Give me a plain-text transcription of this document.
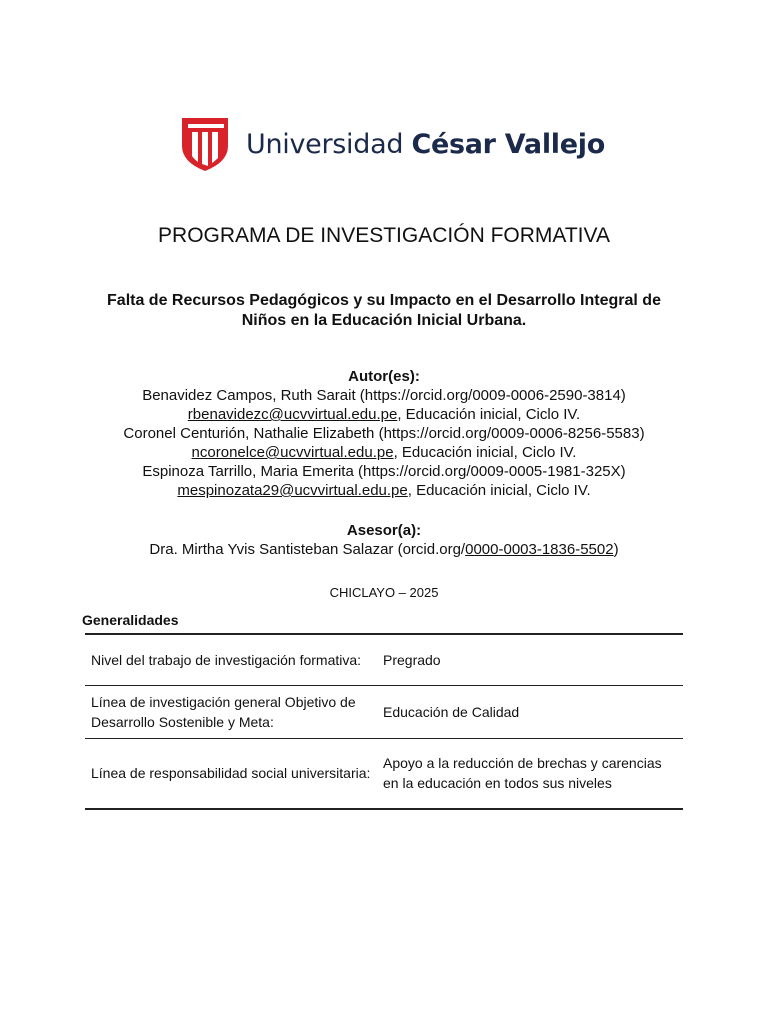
Universidad César Vallejo
PROGRAMA DE INVESTIGACIÓN FORMATIVA
Falta de Recursos Pedagógicos y su Impacto en el Desarrollo Integral de Niños en la Educación Inicial Urbana.
Autor(es):
Benavidez Campos, Ruth Sarait (https://orcid.org/0009-0006-2590-3814)
rbenavidezc@ucvvirtual.edu.pe, Educación inicial, Ciclo IV.
Coronel Centurión, Nathalie Elizabeth (https://orcid.org/0009-0006-8256-5583)
ncoronelce@ucvvirtual.edu.pe, Educación inicial, Ciclo IV.
Espinoza Tarrillo, Maria Emerita (https://orcid.org/0009-0005-1981-325X)
mespinozata29@ucvvirtual.edu.pe, Educación inicial, Ciclo IV.
Asesor(a):
Dra. Mirtha Yvis Santisteban Salazar (orcid.org/0000-0003-1836-5502)
CHICLAYO – 2025
Generalidades
Nivel del trabajo de investigación formativa:	Pregrado
Línea de investigación general Objetivo de Desarrollo Sostenible y Meta:	Educación de Calidad
Línea de responsabilidad social universitaria:	Apoyo a la reducción de brechas y carencias en la educación en todos sus niveles
